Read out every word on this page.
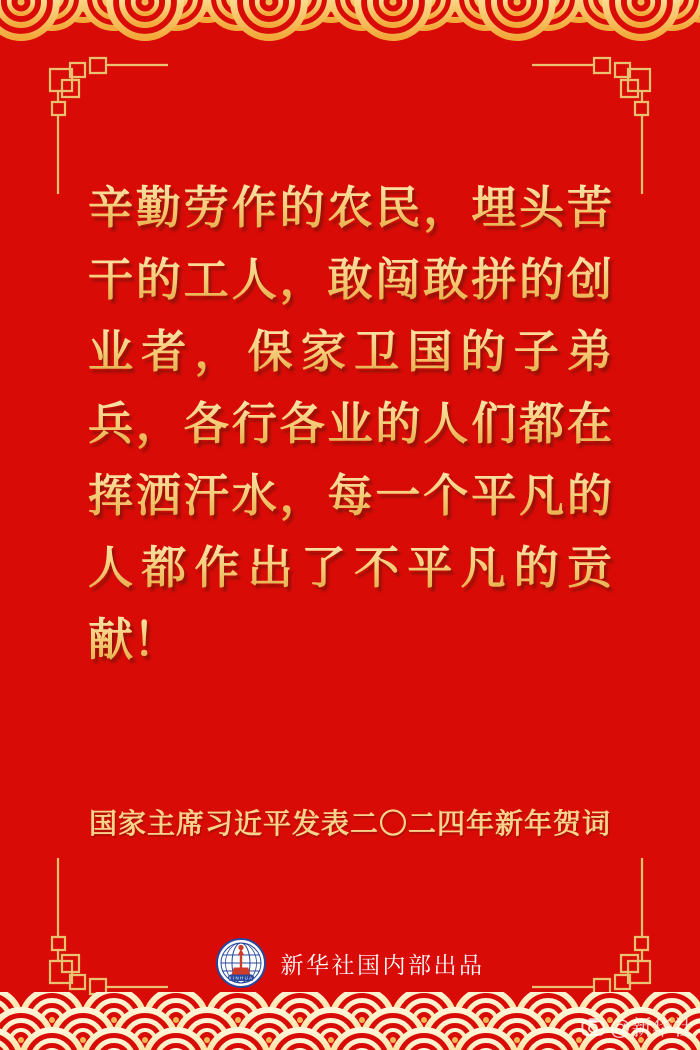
辛勤劳作的农民，埋头苦
干的工人，敢闯敢拼的创
业者，保家卫国的子弟
兵，各行各业的人们都在
挥洒汗水，每一个平凡的
人都作出了不平凡的贡
献！
国家主席习近平发表二〇二四年新年贺词
XINHUA
新华社国内部出品
@新华社
